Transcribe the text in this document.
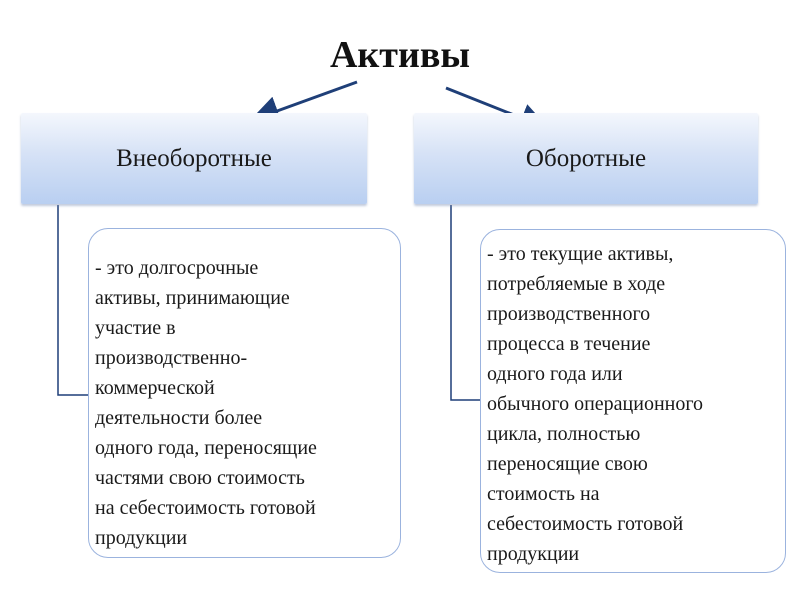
Активы
Внеоборотные	Оборотные
- это долгосрочные
активы, принимающие
участие в
производственно-
коммерческой
деятельности более
одного года, переносящие
частями свою стоимость
на себестоимость готовой
продукции
- это текущие активы,
потребляемые в ходе
производственного
процесса в течение
одного года или
обычного операционного
цикла, полностью
переносящие свою
стоимость на
себестоимость готовой
продукции
